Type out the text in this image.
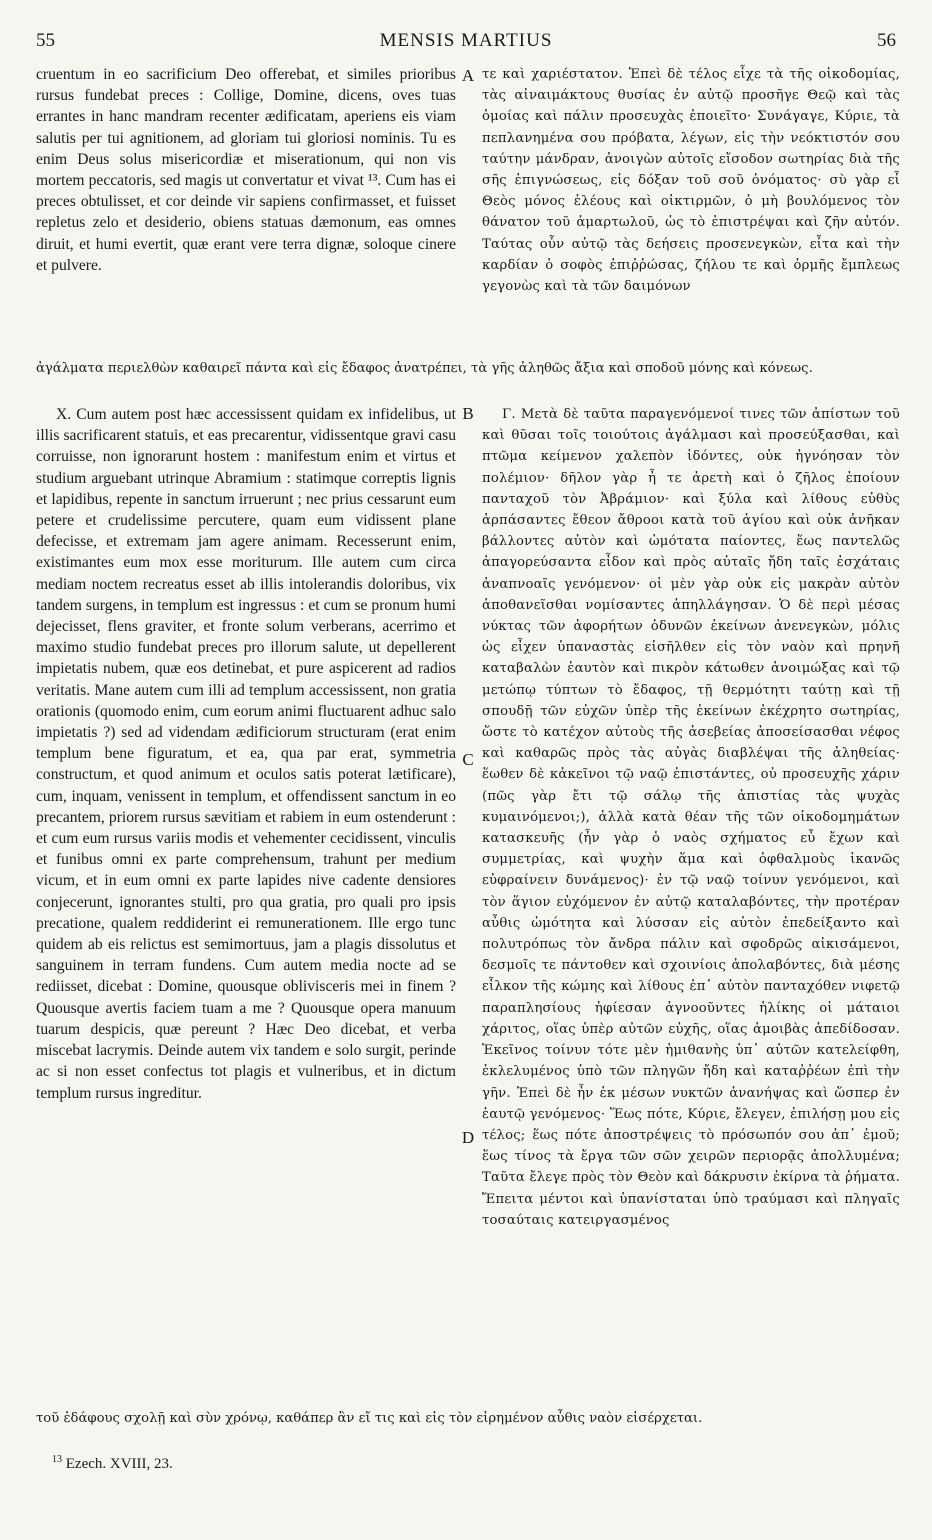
55	MENSIS MARTIUS	56

cruentum in eo sacrificium Deo offerebat, et similes prioribus rursus fundebat preces : Collige, Domine, dicens, oves tuas errantes in hanc mandram recenter ædificatam, aperiens eis viam salutis per tui agnitionem, ad gloriam tui gloriosi nominis. Tu es enim Deus solus misericordiæ et miserationum, qui non vis mortem peccatoris, sed magis ut convertatur et vivat ¹³. Cum has ei preces obtulisset, et cor deinde vir sapiens confirmasset, et fuisset repletus zelo et desiderio, obiens statuas dæmonum, eas omnes diruit, et humi evertit, quæ erant vere terra dignæ, soloque cinere et pulvere.

τε καὶ χαριέστατον. Ἐπεὶ δὲ τέλος εἶχε τὰ τῆς οἰκοδομίας, τὰς αἰναιμάκτους θυσίας ἐν αὐτῷ προσῆγε Θεῷ καὶ τὰς ὁμοίας καὶ πάλιν προσευχὰς ἐποιεῖτο· Συνάγαγε, Κύριε, τὰ πεπλανημένα σου πρόβατα, λέγων, εἰς τὴν νεόκτιστόν σου ταύτην μάνδραν, ἀνοιγὼν αὐτοῖς εἴσοδον σωτηρίας διὰ τῆς σῆς ἐπιγνώσεως, εἰς δόξαν τοῦ σοῦ ὀνόματος· σὺ γὰρ εἶ Θεὸς μόνος ἐλέους καὶ οἰκτιρμῶν, ὁ μὴ βουλόμενος τὸν θάνατον τοῦ ἁμαρτωλοῦ, ὡς τὸ ἐπιστρέψαι καὶ ζῆν αὐτόν. Ταύτας οὖν αὐτῷ τὰς δεήσεις προσενεγκὼν, εἶτα καὶ τὴν καρδίαν ὁ σοφὸς ἐπιῤῥώσας, ζήλου τε καὶ ὁρμῆς ἔμπλεως γεγονὼς καὶ τὰ τῶν δαιμόνων

ἀγάλματα περιελθὼν καθαιρεῖ πάντα καὶ εἰς ἔδαφος ἀνατρέπει, τὰ γῆς ἀληθῶς ἄξια καὶ σποδοῦ μόνης καὶ κόνεως.

X. Cum autem post hæc accessissent quidam ex infidelibus, ut illis sacrificarent statuis, et eas precarentur, vidissentque gravi casu corruisse, non ignorarunt hostem : manifestum enim et virtus et studium arguebant utrinque Abramium : statimque correptis lignis et lapidibus, repente in sanctum irruerunt ; nec prius cessarunt eum petere et crudelissime percutere, quam eum vidissent plane defecisse, et extremam jam agere animam. Recesserunt enim, existimantes eum mox esse moriturum. Ille autem cum circa mediam noctem recreatus esset ab illis intolerandis doloribus, vix tandem surgens, in templum est ingressus : et cum se pronum humi dejecisset, flens graviter, et fronte solum verberans, acerrimo et maximo studio fundebat preces pro illorum salute, ut depellerent impietatis nubem, quæ eos detinebat, et pure aspicerent ad radios veritatis. Mane autem cum illi ad templum accessissent, non gratia orationis (quomodo enim, cum eorum animi fluctuarent adhuc salo impietatis ?) sed ad videndam ædificiorum structuram (erat enim templum bene figuratum, et ea, qua par erat, symmetria constructum, et quod animum et oculos satis poterat lætificare), cum, inquam, venissent in templum, et offendissent sanctum in eo precantem, priorem rursus sævitiam et rabiem in eum ostenderunt : et cum eum rursus variis modis et vehementer cecidissent, vinculis et funibus omni ex parte comprehensum, trahunt per medium vicum, et in eum omni ex parte lapides nive cadente densiores conjecerunt, ignorantes stulti, pro qua gratia, pro quali pro ipsis precatione, qualem reddiderint ei remunerationem. Ille ergo tunc quidem ab eis relictus est semimortuus, jam a plagis dissolutus et sanguinem in terram fundens. Cum autem media nocte ad se rediisset, dicebat : Domine, quousque oblivisceris mei in finem ? Quousque avertis faciem tuam a me ? Quousque opera manuum tuarum despicis, quæ pereunt ? Hæc Deo dicebat, et verba miscebat lacrymis. Deinde autem vix tandem e solo surgit, perinde ac si non esset confectus tot plagis et vulneribus, et in dictum templum rursus ingreditur.

Γ. Μετὰ δὲ ταῦτα παραγενόμενοί τινες τῶν ἀπίστων τοῦ καὶ θῦσαι τοῖς τοιούτοις ἀγάλμασι καὶ προσεύξασθαι, καὶ πτῶμα κείμενον χαλεπὸν ἰδόντες, οὐκ ἠγνόησαν τὸν πολέμιον· δῆλον γὰρ ἦ τε ἀρετὴ καὶ ὁ ζῆλος ἐποίουν πανταχοῦ τὸν Ἀβράμιον· καὶ ξύλα καὶ λίθους εὐθὺς ἁρπάσαντες ἔθεον ἄθροοι κατὰ τοῦ ἁγίου καὶ οὐκ ἀνῆκαν βάλλοντες αὐτὸν καὶ ὠμότατα παίοντες, ἕως παντελῶς ἀπαγορεύσαντα εἶδον καὶ πρὸς αὐταῖς ἤδη ταῖς ἐσχάταις ἀναπνοαῖς γενόμενον· οἱ μὲν γὰρ οὐκ εἰς μακρὰν αὐτὸν ἀποθανεῖσθαι νομίσαντες ἀπηλλάγησαν. Ὁ δὲ περὶ μέσας νύκτας τῶν ἀφορήτων ὀδυνῶν ἐκείνων ἀνενεγκὼν, μόλις ὡς εἶχεν ὑπαναστὰς εἰσῆλθεν εἰς τὸν ναὸν καὶ πρηνῆ καταβαλὼν ἑαυτὸν καὶ πικρὸν κάτωθεν ἀνοιμώξας καὶ τῷ μετώπῳ τύπτων τὸ ἔδαφος, τῇ θερμότητι ταύτῃ καὶ τῇ σπουδῇ τῶν εὐχῶν ὑπὲρ τῆς ἐκείνων ἐκέχρητο σωτηρίας, ὥστε τὸ κατέχον αὐτοὺς τῆς ἀσεβείας ἀποσείσασθαι νέφος καὶ καθαρῶς πρὸς τὰς αὐγὰς διαβλέψαι τῆς ἀληθείας· ἕωθεν δὲ κἀκεῖνοι τῷ ναῷ ἐπιστάντες, οὐ προσευχῆς χάριν (πῶς γὰρ ἔτι τῷ σάλῳ τῆς ἀπιστίας τὰς ψυχὰς κυμαινόμενοι;), ἀλλὰ κατὰ θέαν τῆς τῶν οἰκοδομημάτων κατασκευῆς (ἦν γὰρ ὁ ναὸς σχήματος εὖ ἔχων καὶ συμμετρίας, καὶ ψυχὴν ἅμα καὶ ὀφθαλμοὺς ἱκανῶς εὐφραίνειν δυνάμενος)· ἐν τῷ ναῷ τοίνυν γενόμενοι, καὶ τὸν ἅγιον εὐχόμενον ἐν αὐτῷ καταλαβόντες, τὴν προτέραν αὖθις ὠμότητα καὶ λύσσαν εἰς αὐτὸν ἐπεδείξαντο καὶ πολυτρόπως τὸν ἄνδρα πάλιν καὶ σφοδρῶς αἰκισάμενοι, δεσμοῖς τε πάντοθεν καὶ σχοινίοις ἀπολαβόντες, διὰ μέσης εἷλκον τῆς κώμης καὶ λίθους ἐπ᾽ αὐτὸν πανταχόθεν νιφετῷ παραπλησίους ἡφίεσαν ἀγνοοῦντες ἡλίκης οἱ μάταιοι χάριτος, οἵας ὑπὲρ αὐτῶν εὐχῆς, οἵας ἀμοιβὰς ἀπεδίδοσαν. Ἐκεῖνος τοίνυν τότε μὲν ἡμιθανὴς ὑπ᾽ αὐτῶν κατελείφθη, ἐκλελυμένος ὑπὸ τῶν πληγῶν ἤδη καὶ καταῤῥέων ἐπὶ τὴν γῆν. Ἐπεὶ δὲ ἦν ἐκ μέσων νυκτῶν ἀνανήψας καὶ ὥσπερ ἐν ἑαυτῷ γενόμενος· Ἕως πότε, Κύριε, ἔλεγεν, ἐπιλήσῃ μου εἰς τέλος; ἕως πότε ἀποστρέψεις τὸ πρόσωπόν σου ἀπ᾽ ἐμοῦ; ἕως τίνος τὰ ἔργα τῶν σῶν χειρῶν περιορᾷς ἀπολλυμένα; Ταῦτα ἔλεγε πρὸς τὸν Θεὸν καὶ δάκρυσιν ἐκίρνα τὰ ῥήματα. Ἔπειτα μέντοι καὶ ὑπανίσταται ὑπὸ τραύμασι καὶ πληγαῖς τοσαύταις κατειργασμένος

τοῦ ἐδάφους σχολῇ καὶ σὺν χρόνῳ, καθάπερ ἂν εἴ τις καὶ εἰς τὸν εἰρημένον αὖθις ναὸν εἰσέρχεται.

A
B
C
D
$^{13}$ Ezech. XVIII, 23.
